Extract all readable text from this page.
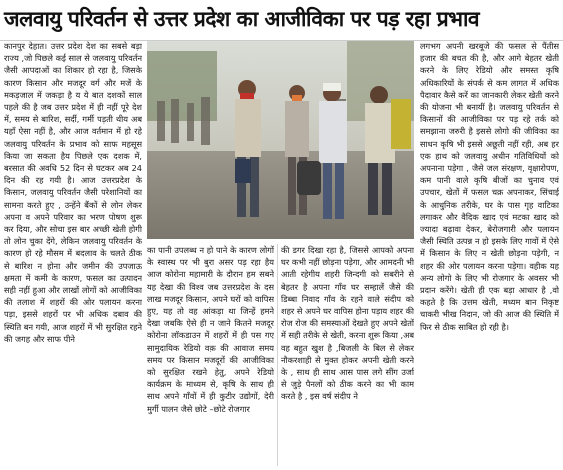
जलवायु परिवर्तन से उत्तर प्रदेश का आजीविका पर पड़ रहा प्रभाव

कानपुर देहात। उत्तर प्रदेश देश का सबसे बड़ा राज्य ,जो पिछले कई साल से जलवायु परिवर्तन जैसी आपदाओं का शिकार हो रहा है, जिसके कारण किसान और मजदूर वर्ग और मजें के मकड़जाल में जकड़ा है य ये बात दशकों साल पहले की है जब उत्तर प्रदेश में ही नहीं पूरे देश में, समय से बारिश, सर्दी, गर्मी पड़ती थीय अब यहाँ ऐसा नहीं है, और आज वर्तमान में हो रहे जलवायु परिवर्तन के प्रभाव को साफ महसूस किया जा सकता हैय पिछले एक दशक में, बरसात की अवधि 52 दिन से घटकर अब 24 दिन की रह गयी है। आज उत्तरप्रदेश के किसान, जलवायु परिवर्तन जैसी परेशानियों का सामना करते हुए , उन्हेंने बैंकों से लोन लेकर अपना व अपने परिवार का भरण पोषण शुरू कर दिया, और सोचा इस बार अच्छी खेती होगी तो लोन चुका देंगे, लेकिन जलवायु परिवर्तन के कारण हो रहे मौसम में बदलाव के चलते ठीक से बारिश न होना और जमीन की उपजाऊ क्षमता में कमी के कारण, फसल का उत्पादन सही नहीं हुआ और लाखों लोगों को आजीविका की तलाश में शहरों की ओर पलायन करना पड़ा, इससे शहरों पर भी अधिक दबाव की स्थिति बन गयी, आज शहरों में भी सुरक्षित रहने की जगह और साफ पीने

का पानी उपलब्ध न हो पाने के कारण लोगों के स्वास्थ पर भी बुरा असर पड़ रहा हैय आज कोरोना महामारी के दौरान हम सबने यह देखा की विश्व जब उत्तरप्रदेश के दस लाख मजदूर किसान, अपने घरों को वापिस हुए, यह तो वह आंकड़ा था जिन्हें हमने देखा जबकि ऐसे ही न जाने कितने मजदूर कोरोना लॉकडाउन में शहरों में ही पस गए सामुदायिक रेडियो वक़ की आवाज समय समय पर किसान मजदूरों की आजीविका को सुरक्षित रखने हेतु, अपने रेडियो कार्यक्रम के माध्यम से, कृषि के साथ ही साथ अपने गाँवों में ही कुटीर उद्योगों, देरी मुर्गी पालन जैसे छोटे –छोटे रोजगार

की डगर दिखा रहा है, जिससे आपको अपना घर कभी नहीं छोड़ना पड़ेगा, और आमदनी भी आती रहेगीय शहरी जिन्दगी को सबरीने से बेहतर है अपना गाँव घर सम्हालें जैसे की डिब्बा निवाद गाँव के रहने वाले संदीप को शहर से अपने घर वापिस होना पड़ाय शहर की रोज रोज की समस्याओं देखते हुए अपने खेतों में सही तरीके से खेती, करना शुरू किया ,अब वह बहुत खुश है ,बिजली के बिल से लेकर नौकरशाही से मुक्त होकर अपनी खेती करने के , साथ ही साथ आस पास लगे सींग उर्जा से जुड़े पैनलों को ठीक करने का भी काम करते है , इस वर्ष संदीप ने

लगभग अपनी खरबूजे की फसल से पैंतीस हजार की बचत की है, और आगे बेहतर खेती करने के लिए रेडियो और समस्त कृषि अधिकारियों के संपर्क से कम लागत में अधिक पैदावार कैसे करें का जानकारी लेकर खेती करने की योजना भी बनायीं है। जलवायु परिवर्तन से किसानों की आजीविका पर पड़ रहे तर्क को समझाना जरुरी है इससे लोगो की जीविका का साधन कृषि भी इससे अछूती नहीं रही, अब हर एक हाथ को जलवायु अधीन गतिविधियों को अपनाना पड़ेगा , जैसे जल संरक्षण, वृक्षारोपण, कम पानी वाले कृषि बीजों का चुनाव एवं उपचार, खेतों में फसल चक्र अपनाकर, सिंचाई के आधुनिक तरीके, घर के पास गृह वाटिका लगाकर और वैदिक खाद एवं मटका खाद को ज्यादा बढ़ावा देकर, बेरोजगारी और पलायन जैसी स्थिति उत्पन्न न हो इसके लिए गावों में ऐसे में किसान के लिए न खेती छोड़ना पड़ेगी, न शहर की ओर पलायन करना पड़ेगा। वहीक यह अन्य लोगो के लिए भी रोजगार के अवसर भी प्रदान करेंगे। खेती ही एक बड़ा आधार है ,वो कहते है कि उत्तम खेती, मध्यम बान निकृष्ट चाकरी भीख निदान, जो की आज की स्थिति में फिर से ठीक साबित हो रही है।
